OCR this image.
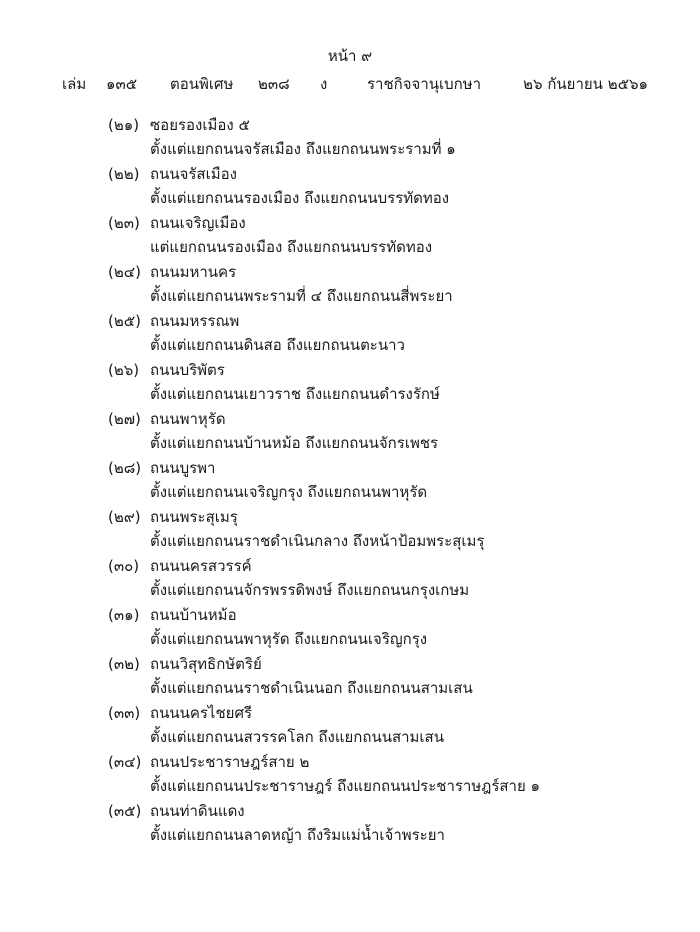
หน้า ๙
เล่ม ๑๓๕ ตอนพิเศษ ๒๓๘ ง	ราชกิจจานุเบกษา	๒๖ กันยายน ๒๕๖๑
(๒๑) ซอยรองเมือง ๕
ตั้งแต่แยกถนนจรัสเมือง ถึงแยกถนนพระรามที่ ๑
(๒๒) ถนนจรัสเมือง
ตั้งแต่แยกถนนรองเมือง ถึงแยกถนนบรรทัดทอง
(๒๓) ถนนเจริญเมือง
แต่แยกถนนรองเมือง ถึงแยกถนนบรรทัดทอง
(๒๔) ถนนมหานคร
ตั้งแต่แยกถนนพระรามที่ ๔ ถึงแยกถนนสี่พระยา
(๒๕) ถนนมหรรณพ
ตั้งแต่แยกถนนดินสอ ถึงแยกถนนตะนาว
(๒๖) ถนนบริพัตร
ตั้งแต่แยกถนนเยาวราช ถึงแยกถนนดำรงรักษ์
(๒๗) ถนนพาหุรัด
ตั้งแต่แยกถนนบ้านหม้อ ถึงแยกถนนจักรเพชร
(๒๘) ถนนบูรพา
ตั้งแต่แยกถนนเจริญกรุง ถึงแยกถนนพาหุรัด
(๒๙) ถนนพระสุเมรุ
ตั้งแต่แยกถนนราชดำเนินกลาง ถึงหน้าป้อมพระสุเมรุ
(๓๐) ถนนนครสวรรค์
ตั้งแต่แยกถนนจักรพรรดิพงษ์ ถึงแยกถนนกรุงเกษม
(๓๑) ถนนบ้านหม้อ
ตั้งแต่แยกถนนพาหุรัด ถึงแยกถนนเจริญกรุง
(๓๒) ถนนวิสุทธิกษัตริย์
ตั้งแต่แยกถนนราชดำเนินนอก ถึงแยกถนนสามเสน
(๓๓) ถนนนครไชยศรี
ตั้งแต่แยกถนนสวรรคโลก ถึงแยกถนนสามเสน
(๓๔) ถนนประชาราษฎร์สาย ๒
ตั้งแต่แยกถนนประชาราษฎร์ ถึงแยกถนนประชาราษฎร์สาย ๑
(๓๕) ถนนท่าดินแดง
ตั้งแต่แยกถนนลาดหญ้า ถึงริมแม่น้ำเจ้าพระยา
